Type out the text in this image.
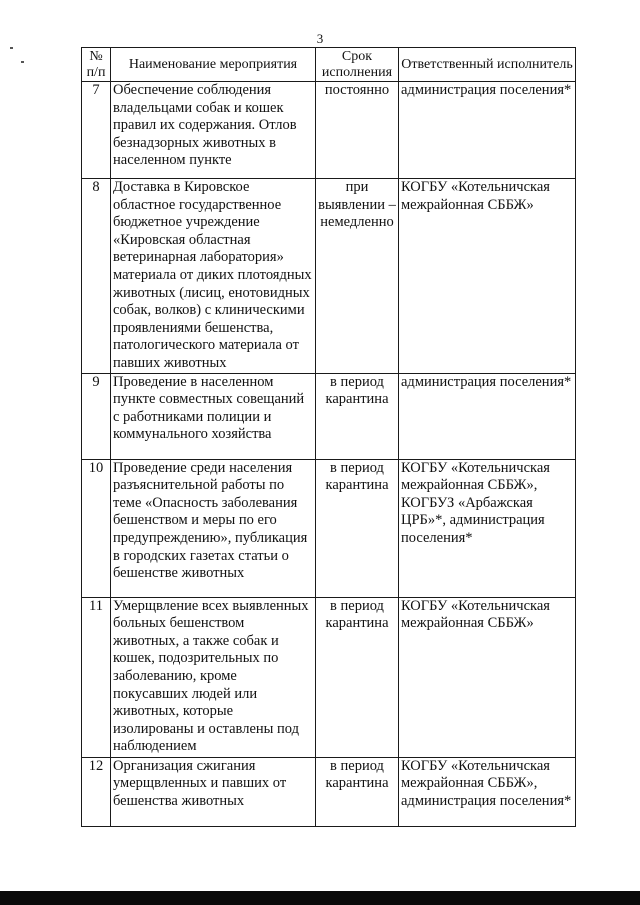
3
№ п/п	Наименование мероприятия	Срок исполнения	Ответственный исполнитель
7	Обеспечение соблюдения владельцами собак и кошек правил их содержания. Отлов безнадзорных животных в населенном пункте	постоянно	администрация поселения*
8	Доставка в Кировское областное государственное бюджетное учреждение «Кировская областная ветеринарная лаборатория» материала от диких плотоядных животных (лисиц, енотовидных собак, волков) с клиническими проявлениями бешенства, патологического материала от павших животных	при выявлении – немедленно	КОГБУ «Котельничская межрайонная СББЖ»
9	Проведение в населенном пункте совместных совещаний с работниками полиции и коммунального хозяйства	в период карантина	администрация поселения*
10	Проведение среди населения разъяснительной работы по теме «Опасность заболевания бешенством и меры по его предупреждению», публикация в городских газетах статьи о бешенстве животных	в период карантина	КОГБУ «Котельничская межрайонная СББЖ», КОГБУЗ «Арбажская ЦРБ»*, администрация поселения*
11	Умерщвление всех выявленных больных бешенством животных, а также собак и кошек, подозрительных по заболеванию, кроме покусавших людей или животных, которые изолированы и оставлены под наблюдением	в период карантина	КОГБУ «Котельничская межрайонная СББЖ»
12	Организация сжигания умерщвленных и павших от бешенства животных	в период карантина	КОГБУ «Котельничская межрайонная СББЖ», администрация поселения*
